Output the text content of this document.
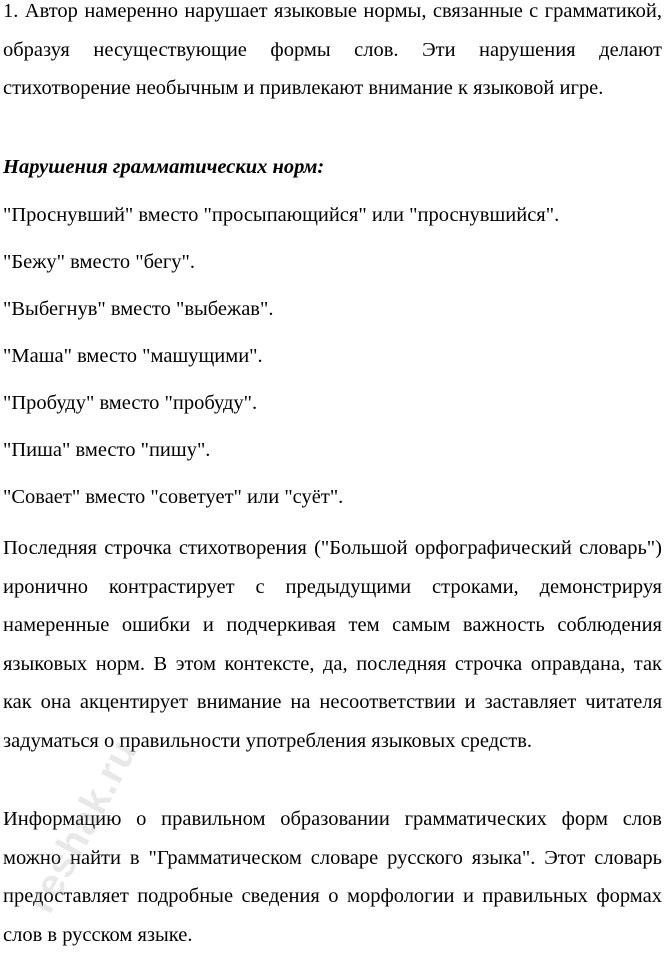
1. Автор намеренно нарушает языковые нормы, связанные с грамматикой, образуя несуществующие формы слов. Эти нарушения делают стихотворение необычным и привлекают внимание к языковой игре.

Нарушения грамматических норм:

"Проснувший" вместо "просыпающийся" или "проснувшийся".

"Бежу" вместо "бегу".

"Выбегнув" вместо "выбежав".

"Маша" вместо "машущими".

"Пробуду" вместо "пробуду".

"Пиша" вместо "пишу".

"Совает" вместо "советует" или "суёт".

Последняя строчка стихотворения ("Большой орфографический словарь") иронично контрастирует с предыдущими строками, демонстрируя намеренные ошибки и подчеркивая тем самым важность соблюдения языковых норм. В этом контексте, да, последняя строчка оправдана, так как она акцентирует внимание на несоответствии и заставляет читателя задуматься о правильности употребления языковых средств.

Информацию о правильном образовании грамматических форм слов можно найти в "Грамматическом словаре русского языка". Этот словарь предоставляет подробные сведения о морфологии и правильных формах слов в русском языке.

reshak.ru
